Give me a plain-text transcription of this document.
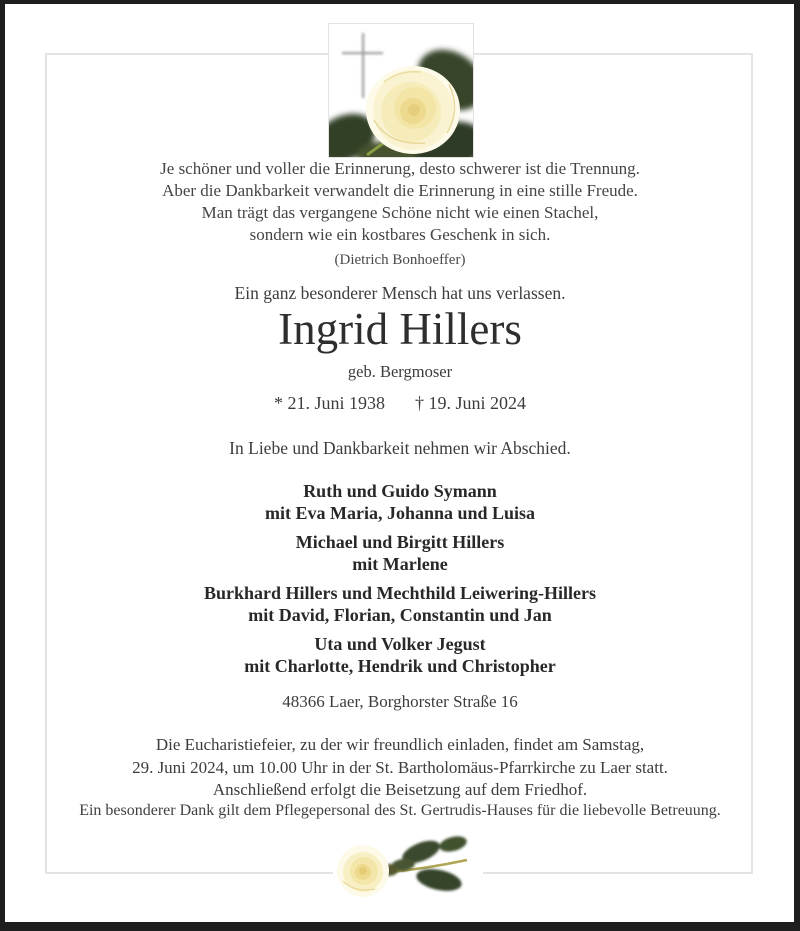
Je schöner und voller die Erinnerung, desto schwerer ist die Trennung.
Aber die Dankbarkeit verwandelt die Erinnerung in eine stille Freude.
Man trägt das vergangene Schöne nicht wie einen Stachel,
sondern wie ein kostbares Geschenk in sich.
(Dietrich Bonhoeffer)
Ein ganz besonderer Mensch hat uns verlassen.
Ingrid Hillers
geb. Bergmoser
* 21. Juni 1938 † 19. Juni 2024
In Liebe und Dankbarkeit nehmen wir Abschied.
Ruth und Guido Symann
mit Eva Maria, Johanna und Luisa
Michael und Birgitt Hillers
mit Marlene
Burkhard Hillers und Mechthild Leiwering-Hillers
mit David, Florian, Constantin und Jan
Uta und Volker Jegust
mit Charlotte, Hendrik und Christopher
48366 Laer, Borghorster Straße 16
Die Eucharistiefeier, zu der wir freundlich einladen, findet am Samstag,
29. Juni 2024, um 10.00 Uhr in der St. Bartholomäus-Pfarrkirche zu Laer statt.
Anschließend erfolgt die Beisetzung auf dem Friedhof.
Ein besonderer Dank gilt dem Pflegepersonal des St. Gertrudis-Hauses für die liebevolle Betreuung.
